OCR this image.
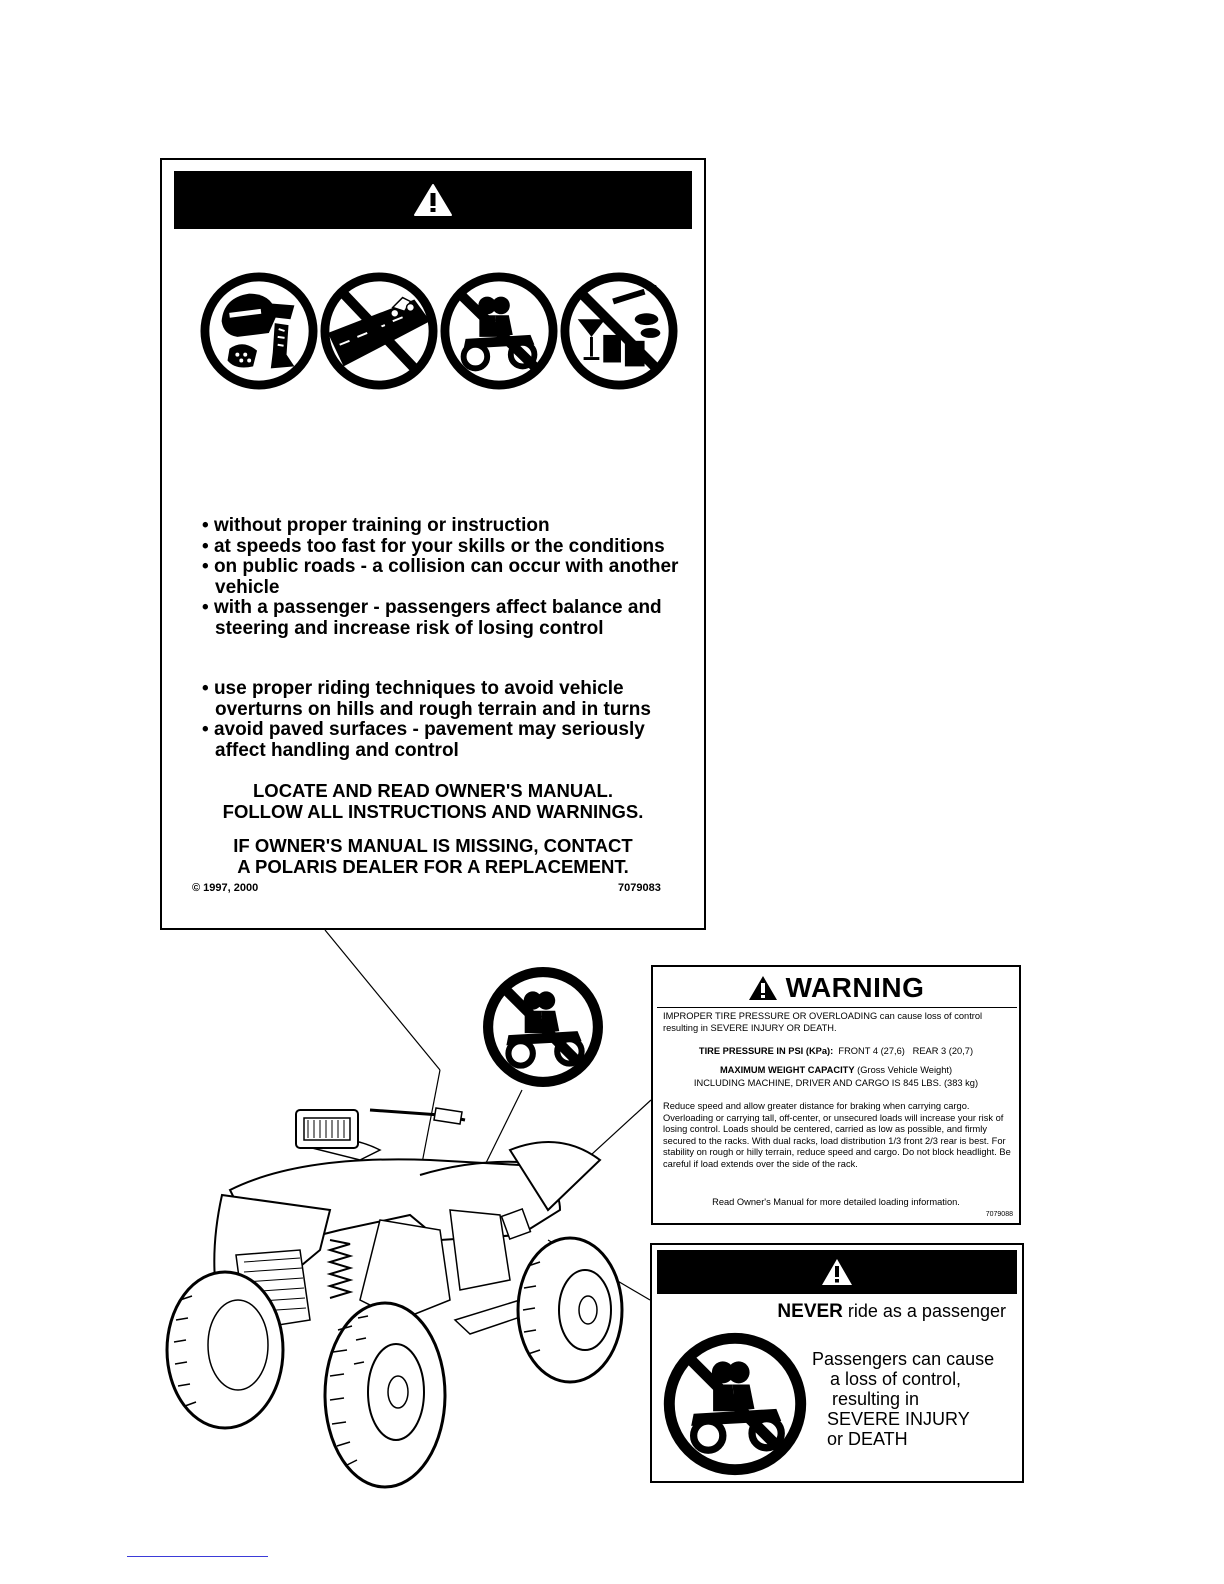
• without proper training or instruction
• at speeds too fast for your skills or the conditions
• on public roads - a collision can occur with another vehicle
• with a passenger - passengers affect balance and steering and increase risk of losing control
• use proper riding techniques to avoid vehicle overturns on hills and rough terrain and in turns
• avoid paved surfaces - pavement may seriously affect handling and control
LOCATE AND READ OWNER'S MANUAL.
FOLLOW ALL INSTRUCTIONS AND WARNINGS.
IF OWNER'S MANUAL IS MISSING, CONTACT
A POLARIS DEALER FOR A REPLACEMENT.
© 1997, 2000	7079083
WARNING
IMPROPER TIRE PRESSURE OR OVERLOADING can cause loss of control resulting in SEVERE INJURY OR DEATH.
TIRE PRESSURE IN PSI (KPa): FRONT 4 (27,6)   REAR 3 (20,7)
MAXIMUM WEIGHT CAPACITY (Gross Vehicle Weight)
INCLUDING MACHINE, DRIVER AND CARGO IS 845 LBS. (383 kg)
Reduce speed and allow greater distance for braking when carrying cargo. Overloading or carrying tall, off-center, or unsecured loads will increase your risk of losing control. Loads should be centered, carried as low as possible, and firmly secured to the racks. With dual racks, load distribution 1/3 front 2/3 rear is best. For stability on rough or hilly terrain, reduce speed and cargo. Do not block headlight. Be careful if load extends over the side of the rack.
Read Owner's Manual for more detailed loading information.
7079088
NEVER ride as a passenger
Passengers can cause
a loss of control,
resulting in
SEVERE INJURY
or DEATH
